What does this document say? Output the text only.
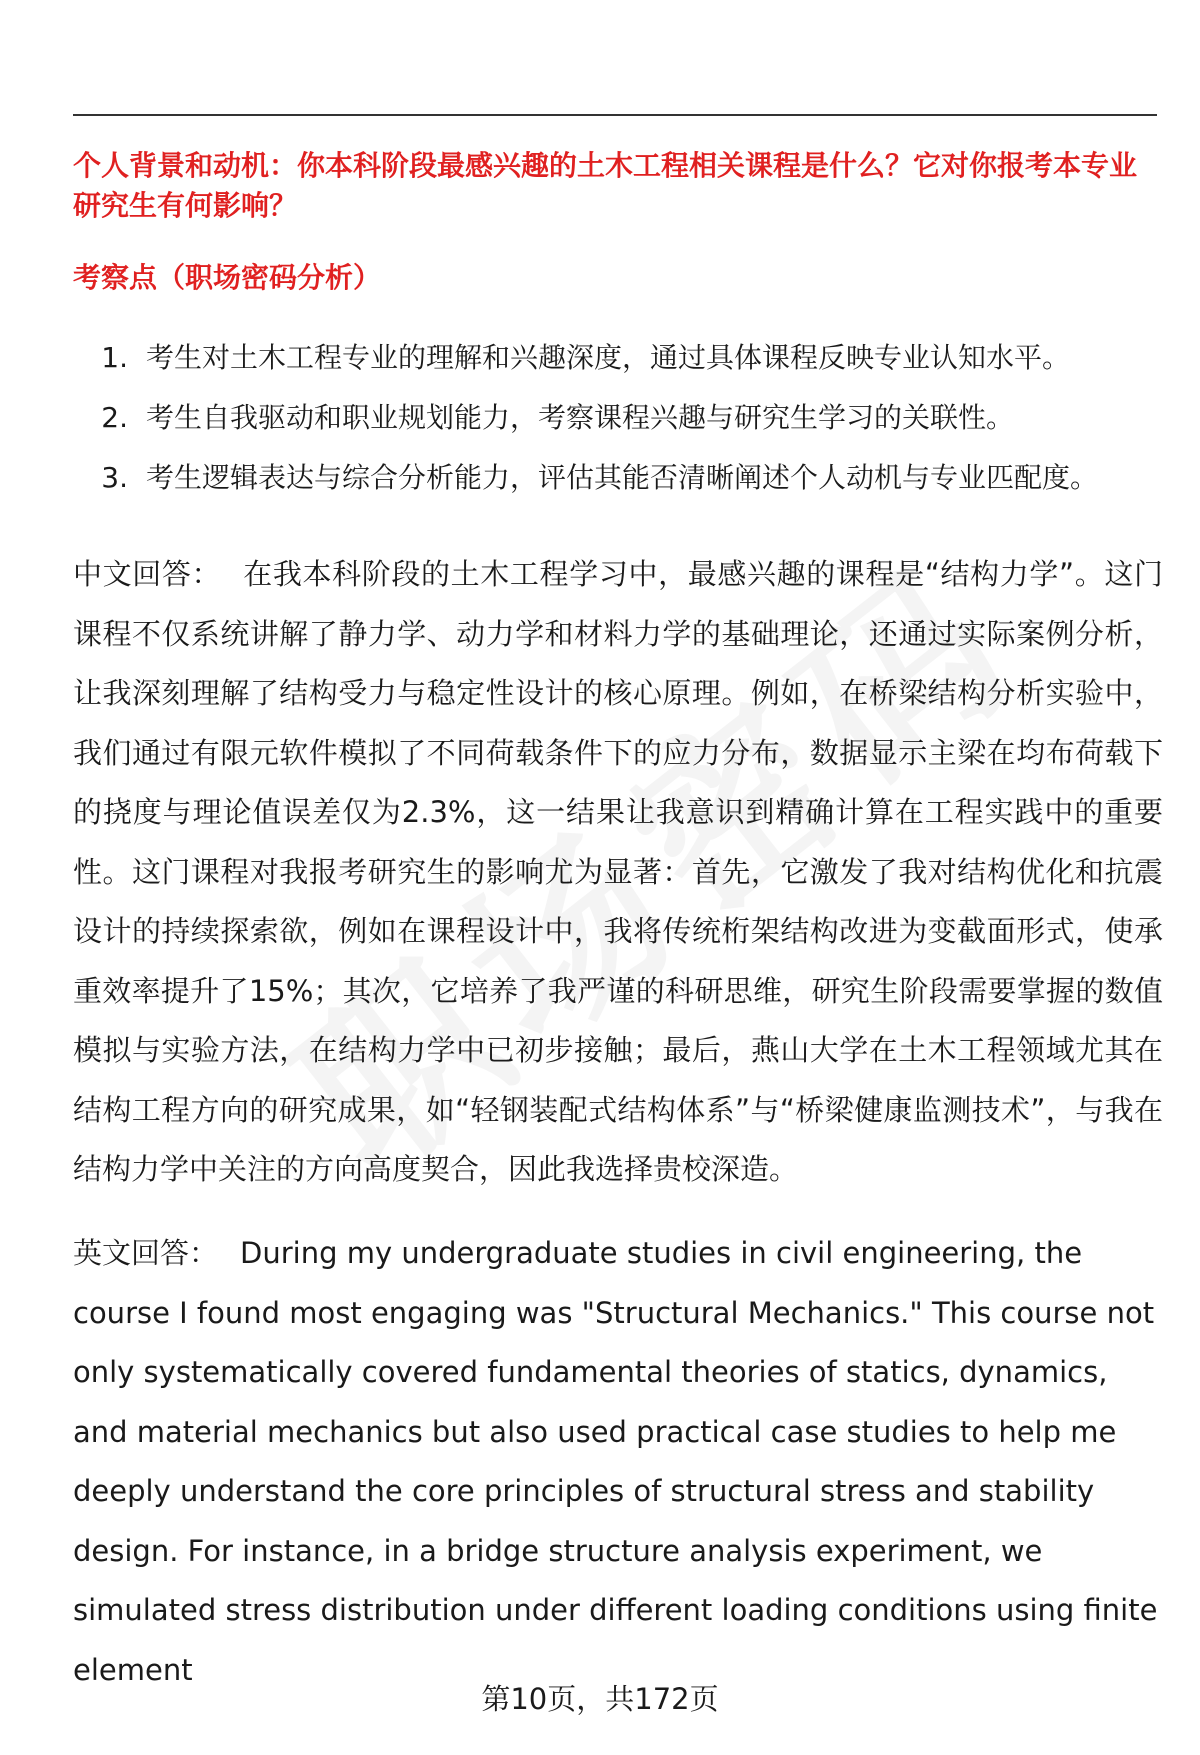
个人背景和动机：你本科阶段最感兴趣的土木工程相关课程是什么？它对你报考本专业研究生有何影响？
考察点（职场密码分析）
1. 考生对土木工程专业的理解和兴趣深度，通过具体课程反映专业认知水平。
2. 考生自我驱动和职业规划能力，考察课程兴趣与研究生学习的关联性。
3. 考生逻辑表达与综合分析能力，评估其能否清晰阐述个人动机与专业匹配度。
中文回答： 在我本科阶段的土木工程学习中，最感兴趣的课程是“结构力学”。这门课程不仅系统讲解了静力学、动力学和材料力学的基础理论，还通过实际案例分析，让我深刻理解了结构受力与稳定性设计的核心原理。例如，在桥梁结构分析实验中，我们通过有限元软件模拟了不同荷载条件下的应力分布，数据显示主梁在均布荷载下的挠度与理论值误差仅为2.3%，这一结果让我意识到精确计算在工程实践中的重要性。这门课程对我报考研究生的影响尤为显著：首先，它激发了我对结构优化和抗震设计的持续探索欲，例如在课程设计中，我将传统桁架结构改进为变截面形式，使承重效率提升了15%；其次，它培养了我严谨的科研思维，研究生阶段需要掌握的数值模拟与实验方法，在结构力学中已初步接触；最后，燕山大学在土木工程领域尤其在结构工程方向的研究成果，如“轻钢装配式结构体系”与“桥梁健康监测技术”，与我在结构力学中关注的方向高度契合，因此我选择贵校深造。
英文回答： During my undergraduate studies in civil engineering, the course I found most engaging was "Structural Mechanics." This course not only systematically covered fundamental theories of statics, dynamics, and material mechanics but also used practical case studies to help me deeply understand the core principles of structural stress and stability design. For instance, in a bridge structure analysis experiment, we simulated stress distribution under different loading conditions using finite element
第10页，共172页
